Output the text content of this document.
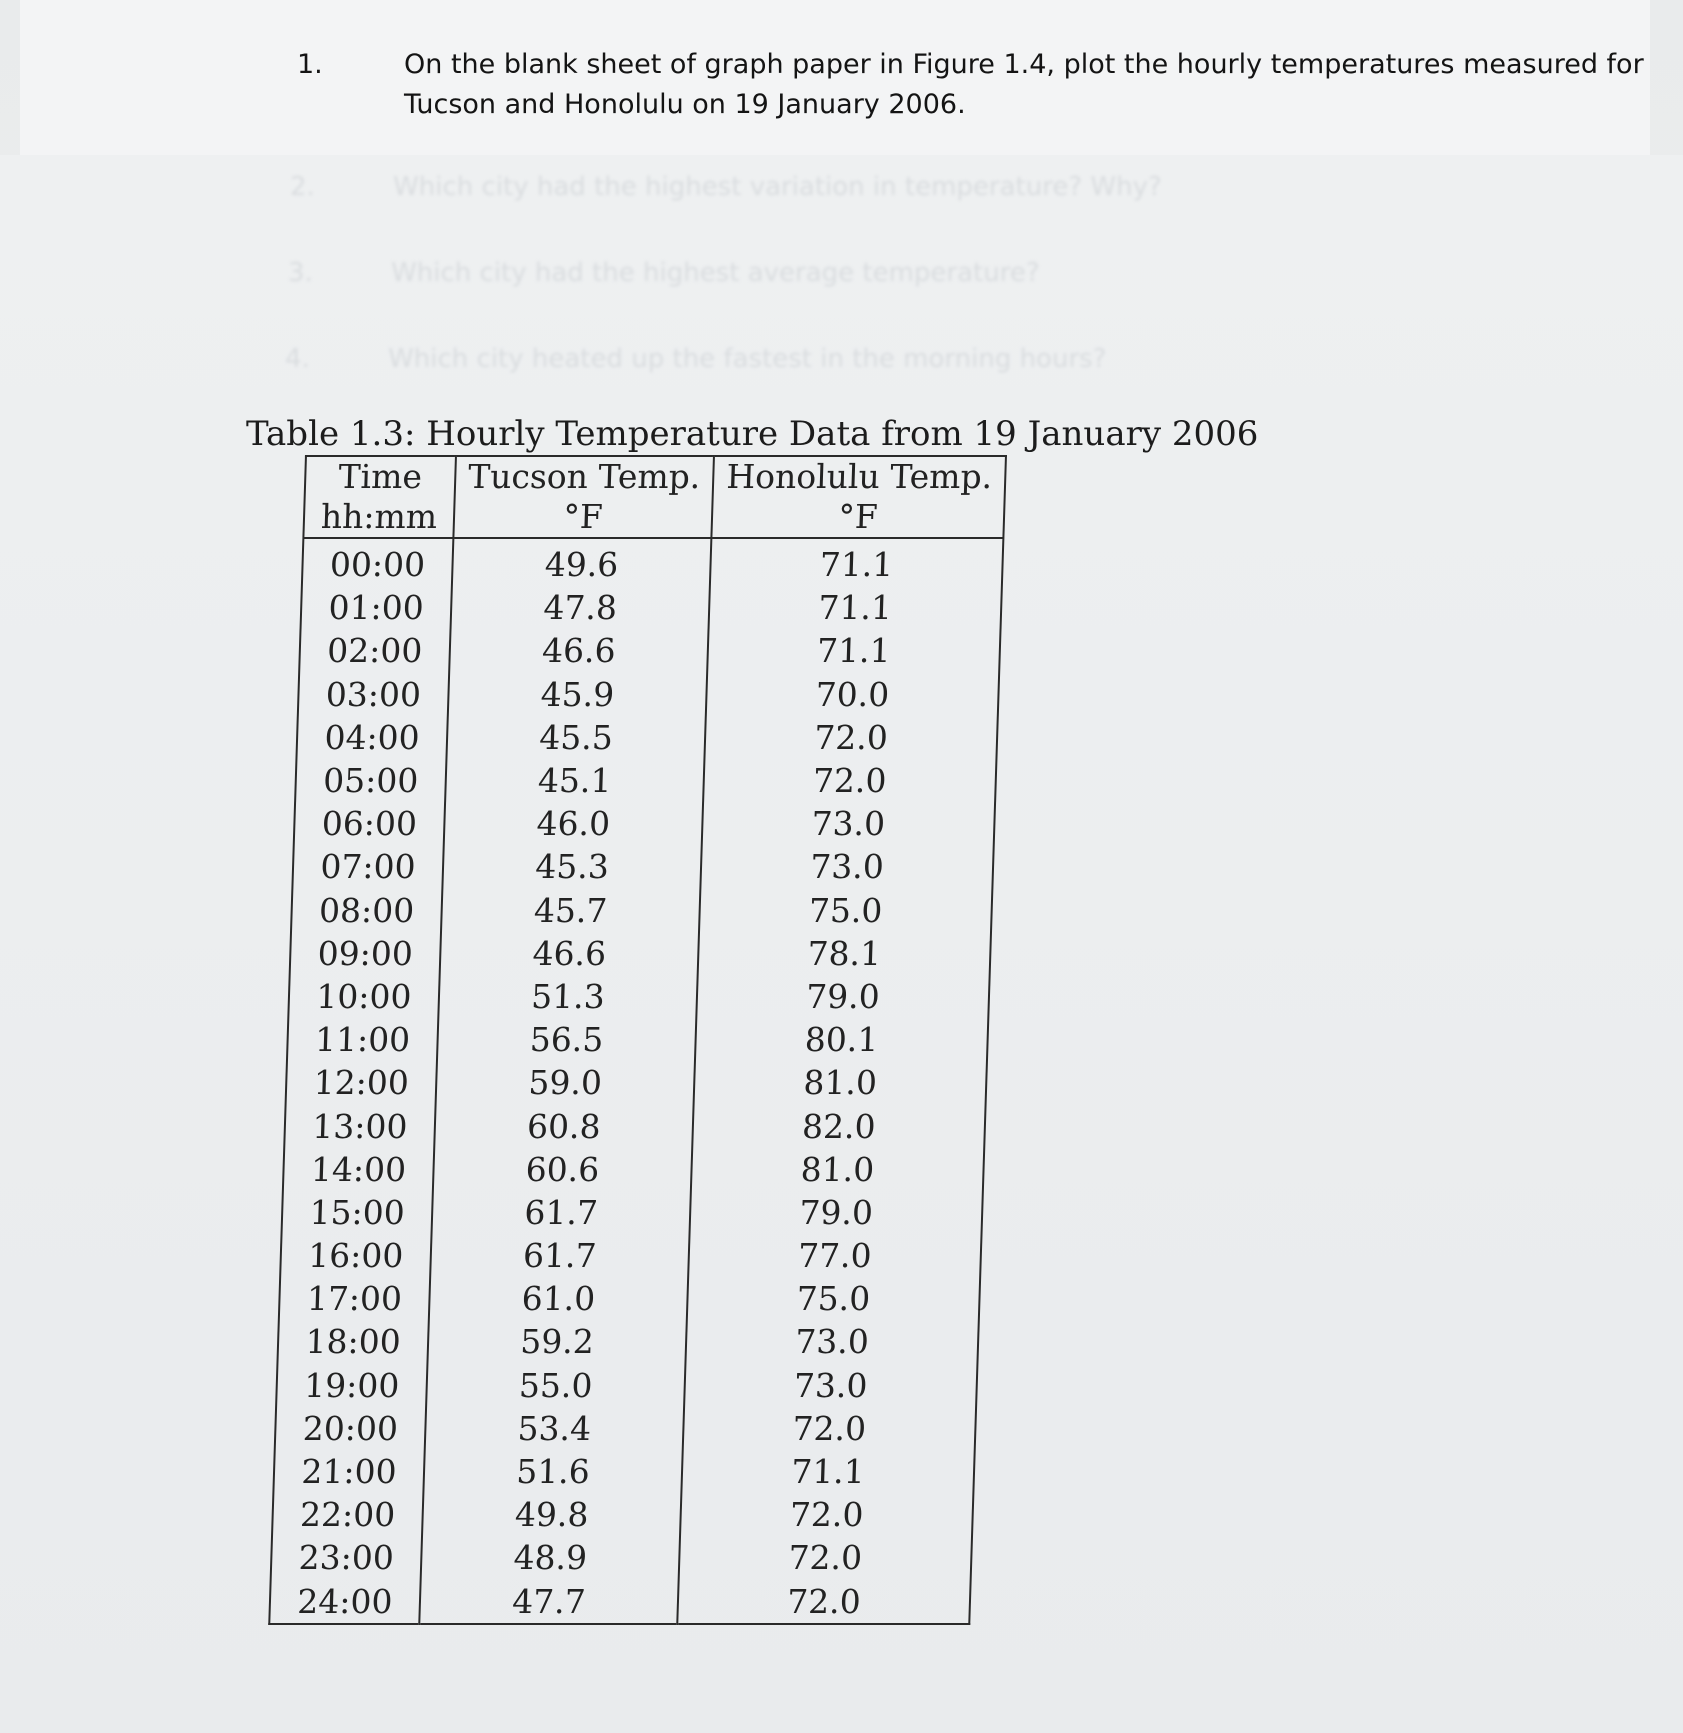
2.	Which city had the highest variation in temperature? Why?
3.	Which city had the highest average temperature?
4.	Which city heated up the fastest in the morning hours?
1.	On the blank sheet of graph paper in Figure 1.4, plot the hourly temperatures measured for Tucson and Honolulu on 19 January 2006.
Table 1.3: Hourly Temperature Data from 19 January 2006
Time	Tucson Temp.	Honolulu Temp.
hh:mm	°F	°F
00:00	49.6	71.1
01:00	47.8	71.1
02:00	46.6	71.1
03:00	45.9	70.0
04:00	45.5	72.0
05:00	45.1	72.0
06:00	46.0	73.0
07:00	45.3	73.0
08:00	45.7	75.0
09:00	46.6	78.1
10:00	51.3	79.0
11:00	56.5	80.1
12:00	59.0	81.0
13:00	60.8	82.0
14:00	60.6	81.0
15:00	61.7	79.0
16:00	61.7	77.0
17:00	61.0	75.0
18:00	59.2	73.0
19:00	55.0	73.0
20:00	53.4	72.0
21:00	51.6	71.1
22:00	49.8	72.0
23:00	48.9	72.0
24:00	47.7	72.0
